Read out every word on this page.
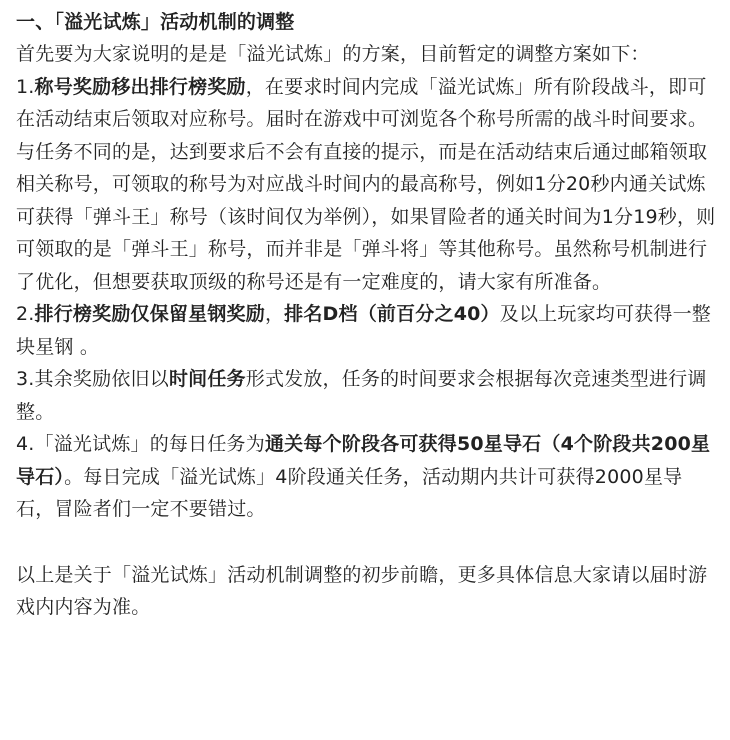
一、「溢光试炼」活动机制的调整

首先要为大家说明的是是「溢光试炼」的方案，目前暂定的调整方案如下：

1.称号奖励移出排行榜奖励，在要求时间内完成「溢光试炼」所有阶段战斗，即可在活动结束后领取对应称号。届时在游戏中可浏览各个称号所需的战斗时间要求。与任务不同的是，达到要求后不会有直接的提示，而是在活动结束后通过邮箱领取相关称号，可领取的称号为对应战斗时间内的最高称号，例如1分20秒内通关试炼可获得「弹斗王」称号（该时间仅为举例），如果冒险者的通关时间为1分19秒，则可领取的是「弹斗王」称号，而并非是「弹斗将」等其他称号。虽然称号机制进行了优化，但想要获取顶级的称号还是有一定难度的，请大家有所准备。

2.排行榜奖励仅保留星钢奖励，排名D档（前百分之40）及以上玩家均可获得一整块星钢 。

3.其余奖励依旧以时间任务形式发放，任务的时间要求会根据每次竞速类型进行调整。

4.「溢光试炼」的每日任务为通关每个阶段各可获得50星导石（4个阶段共200星导石）。每日完成「溢光试炼」4阶段通关任务，活动期内共计可获得2000星导石，冒险者们一定不要错过。

以上是关于「溢光试炼」活动机制调整的初步前瞻，更多具体信息大家请以届时游戏内内容为准。
